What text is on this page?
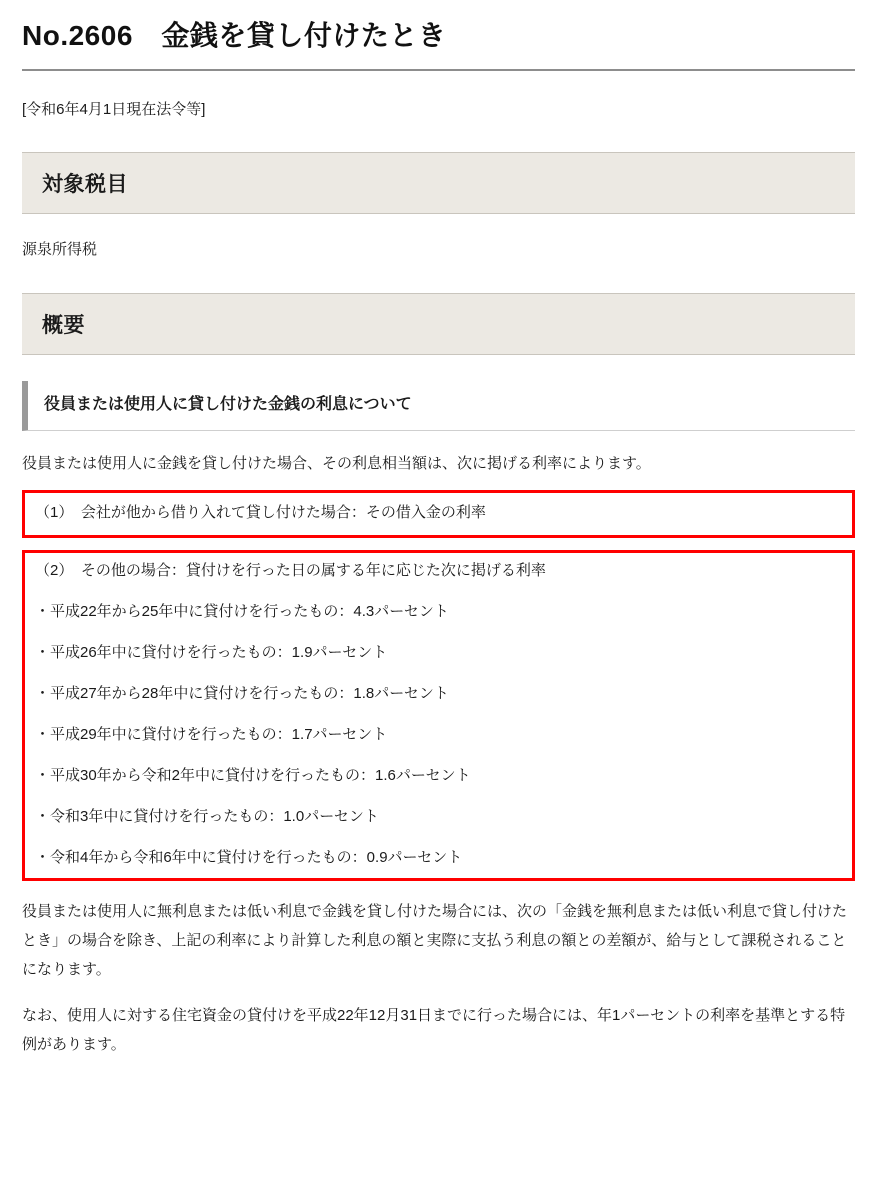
No.2606　金銭を貸し付けたとき
[令和6年4月1日現在法令等]
対象税目
源泉所得税
概要
役員または使用人に貸し付けた金銭の利息について

役員または使用人に金銭を貸し付けた場合、その利息相当額は、次に掲げる利率によります。

（1）　会社が他から借り入れて貸し付けた場合：その借入金の利率
（2）　その他の場合：貸付けを行った日の属する年に応じた次に掲げる利率
・平成22年から25年中に貸付けを行ったもの：4.3パーセント
・平成26年中に貸付けを行ったもの：1.9パーセント
・平成27年から28年中に貸付けを行ったもの：1.8パーセント
・平成29年中に貸付けを行ったもの：1.7パーセント
・平成30年から令和2年中に貸付けを行ったもの：1.6パーセント
・令和3年中に貸付けを行ったもの：1.0パーセント
・令和4年から令和6年中に貸付けを行ったもの：0.9パーセント

役員または使用人に無利息または低い利息で金銭を貸し付けた場合には、次の「金銭を無利息または低い利息で貸し付けたとき」の場合を除き、上記の利率により計算した利息の額と実際に支払う利息の額との差額が、給与として課税されることになります。

なお、使用人に対する住宅資金の貸付けを平成22年12月31日までに行った場合には、年1パーセントの利率を基準とする特例があります。
